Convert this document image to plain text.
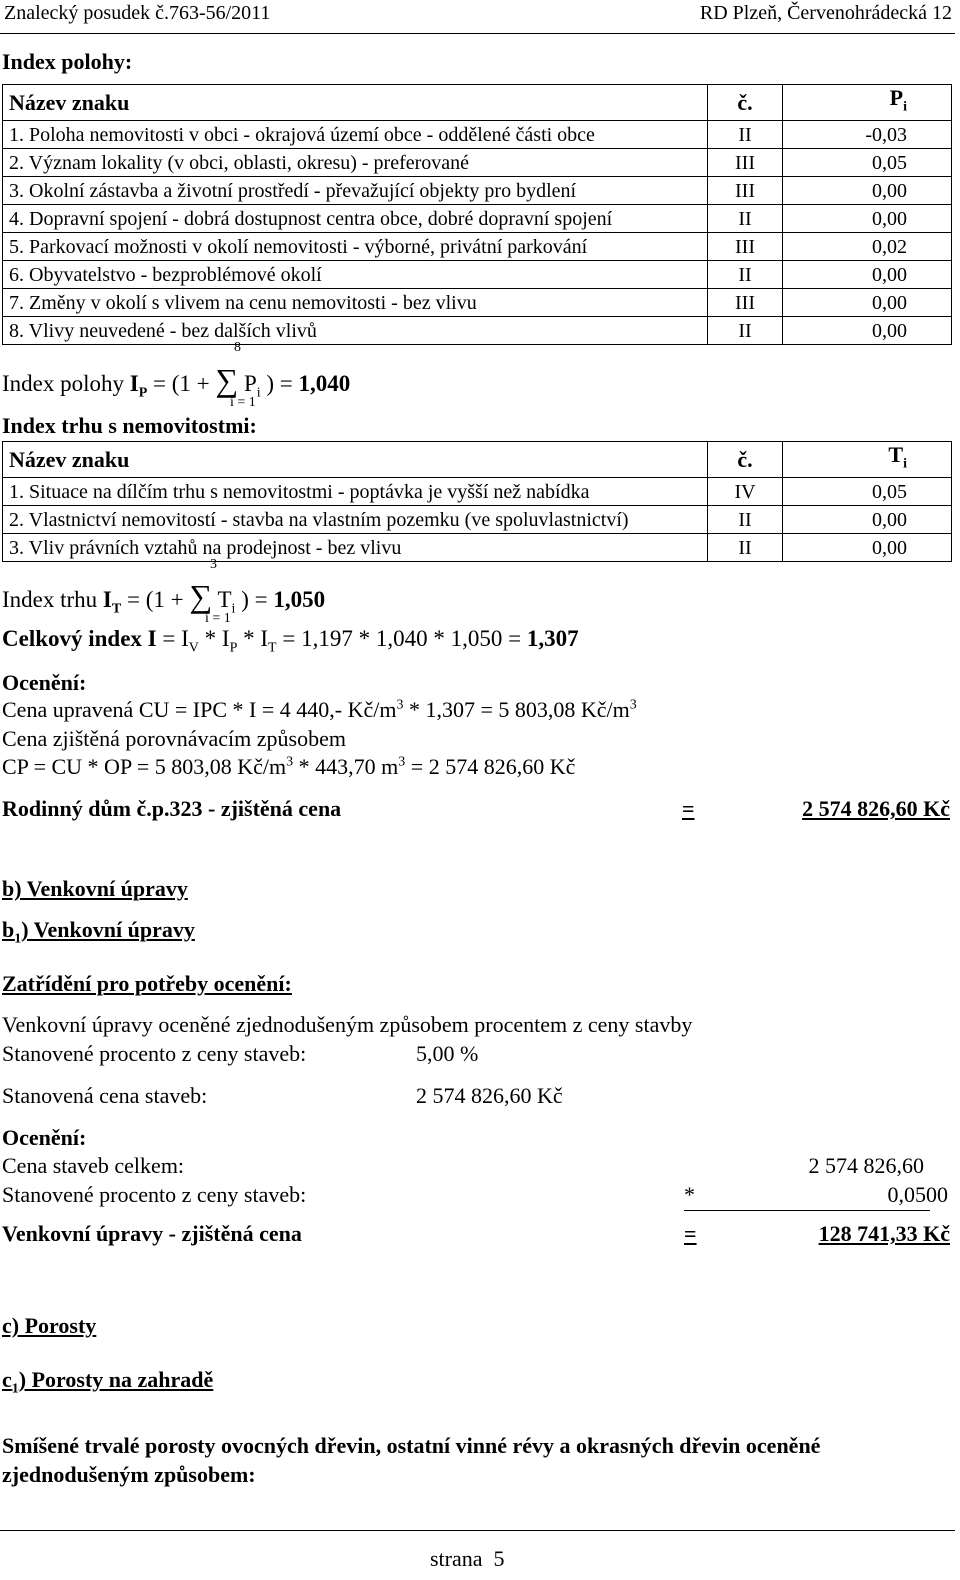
Znalecký posudek č.763-56/2011	RD Plzeň, Červenohrádecká 12
Index polohy:
Název znaku	č.	$P_i$
1. Poloha nemovitosti v obci - okrajová území obce - oddělené části obce	II	-0,03
2. Význam lokality (v obci, oblasti, okresu) - preferované	III	0,05
3. Okolní zástavba a životní prostředí - převažující objekty pro bydlení	III	0,00
4. Dopravní spojení - dobrá dostupnost centra obce, dobré dopravní spojení	II	0,00
5. Parkovací možnosti v okolí nemovitosti - výborné, privátní parkování	III	0,02
6. Obyvatelstvo - bezproblémové okolí	II	0,00
7. Změny v okolí s vlivem na cenu nemovitosti - bez vlivu	III	0,00
8. Vlivy neuvedené - bez dalších vlivů	II	0,00
8
Index polohy $I_P = (1$ + ∑ $P_i$ ) = 1,040
i = 1
Index trhu s nemovitostmi:
Název znaku	č.	$T_i$
1. Situace na dílčím trhu s nemovitostmi - poptávka je vyšší než nabídka	IV	0,05
2. Vlastnictví nemovitostí - stavba na vlastním pozemku (ve spoluvlastnictví)	II	0,00
3. Vliv právních vztahů na prodejnost - bez vlivu	II	0,00
3
Index trhu $I_T = (1$ + ∑ $T_i$ ) = 1,050
i = 1
Celkový index $I = I_V * I_P * I_T = 1,197 * 1,040 * 1,050 = 1,307$
Ocenění:
Cena upravená CU = IPC * I = 4 440,- $Kč/m^3 * 1,307 = 5$ 803,08 $Kč/m^3$
Cena zjištěná porovnávacím způsobem
CP = CU * OP = 5 803,08 $Kč/m^3 * 443,70$ $m^3 = 2$ 574 826,60 Kč
Rodinný dům č.p.323 - zjištěná cena	=	2 574 826,60 Kč
b) Venkovní úpravy
$b_1$) Venkovní úpravy
Zatřídění pro potřeby ocenění:
Venkovní úpravy oceněné zjednodušeným způsobem procentem z ceny stavby
Stanovené procento z ceny staveb:	5,00 %
Stanovená cena staveb:	2 574 826,60 Kč
Ocenění:
Cena staveb celkem:	2 574 826,60
Stanovené procento z ceny staveb:	*	0,0500
Venkovní úpravy - zjištěná cena	=	128 741,33 Kč
c) Porosty
$c_1$) Porosty na zahradě
Smíšené trvalé porosty ovocných dřevin, ostatní vinné révy a okrasných dřevin oceněné
zjednodušeným způsobem:
strana 5
